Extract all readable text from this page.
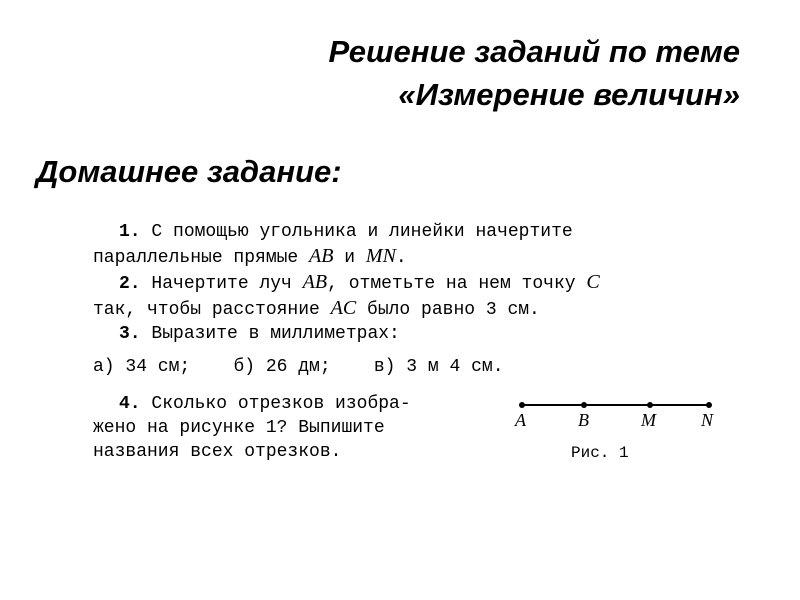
Решение заданий по теме
«Измерение величин»
Домашнее задание:

1. С помощью угольника и линейки начертите

параллельные прямые AB и MN.

2. Начертите луч AB, отметьте на нем точку C

так, чтобы расстояние AC было равно 3 см.

3. Выразите в миллиметрах:

а) 34 см; б) 26 дм; в) 3 м 4 см.

4. Сколько отрезков изобра-

жено на рисунке 1? Выпишите

названия всех отрезков.

A	B	M	N
Рис. 1
